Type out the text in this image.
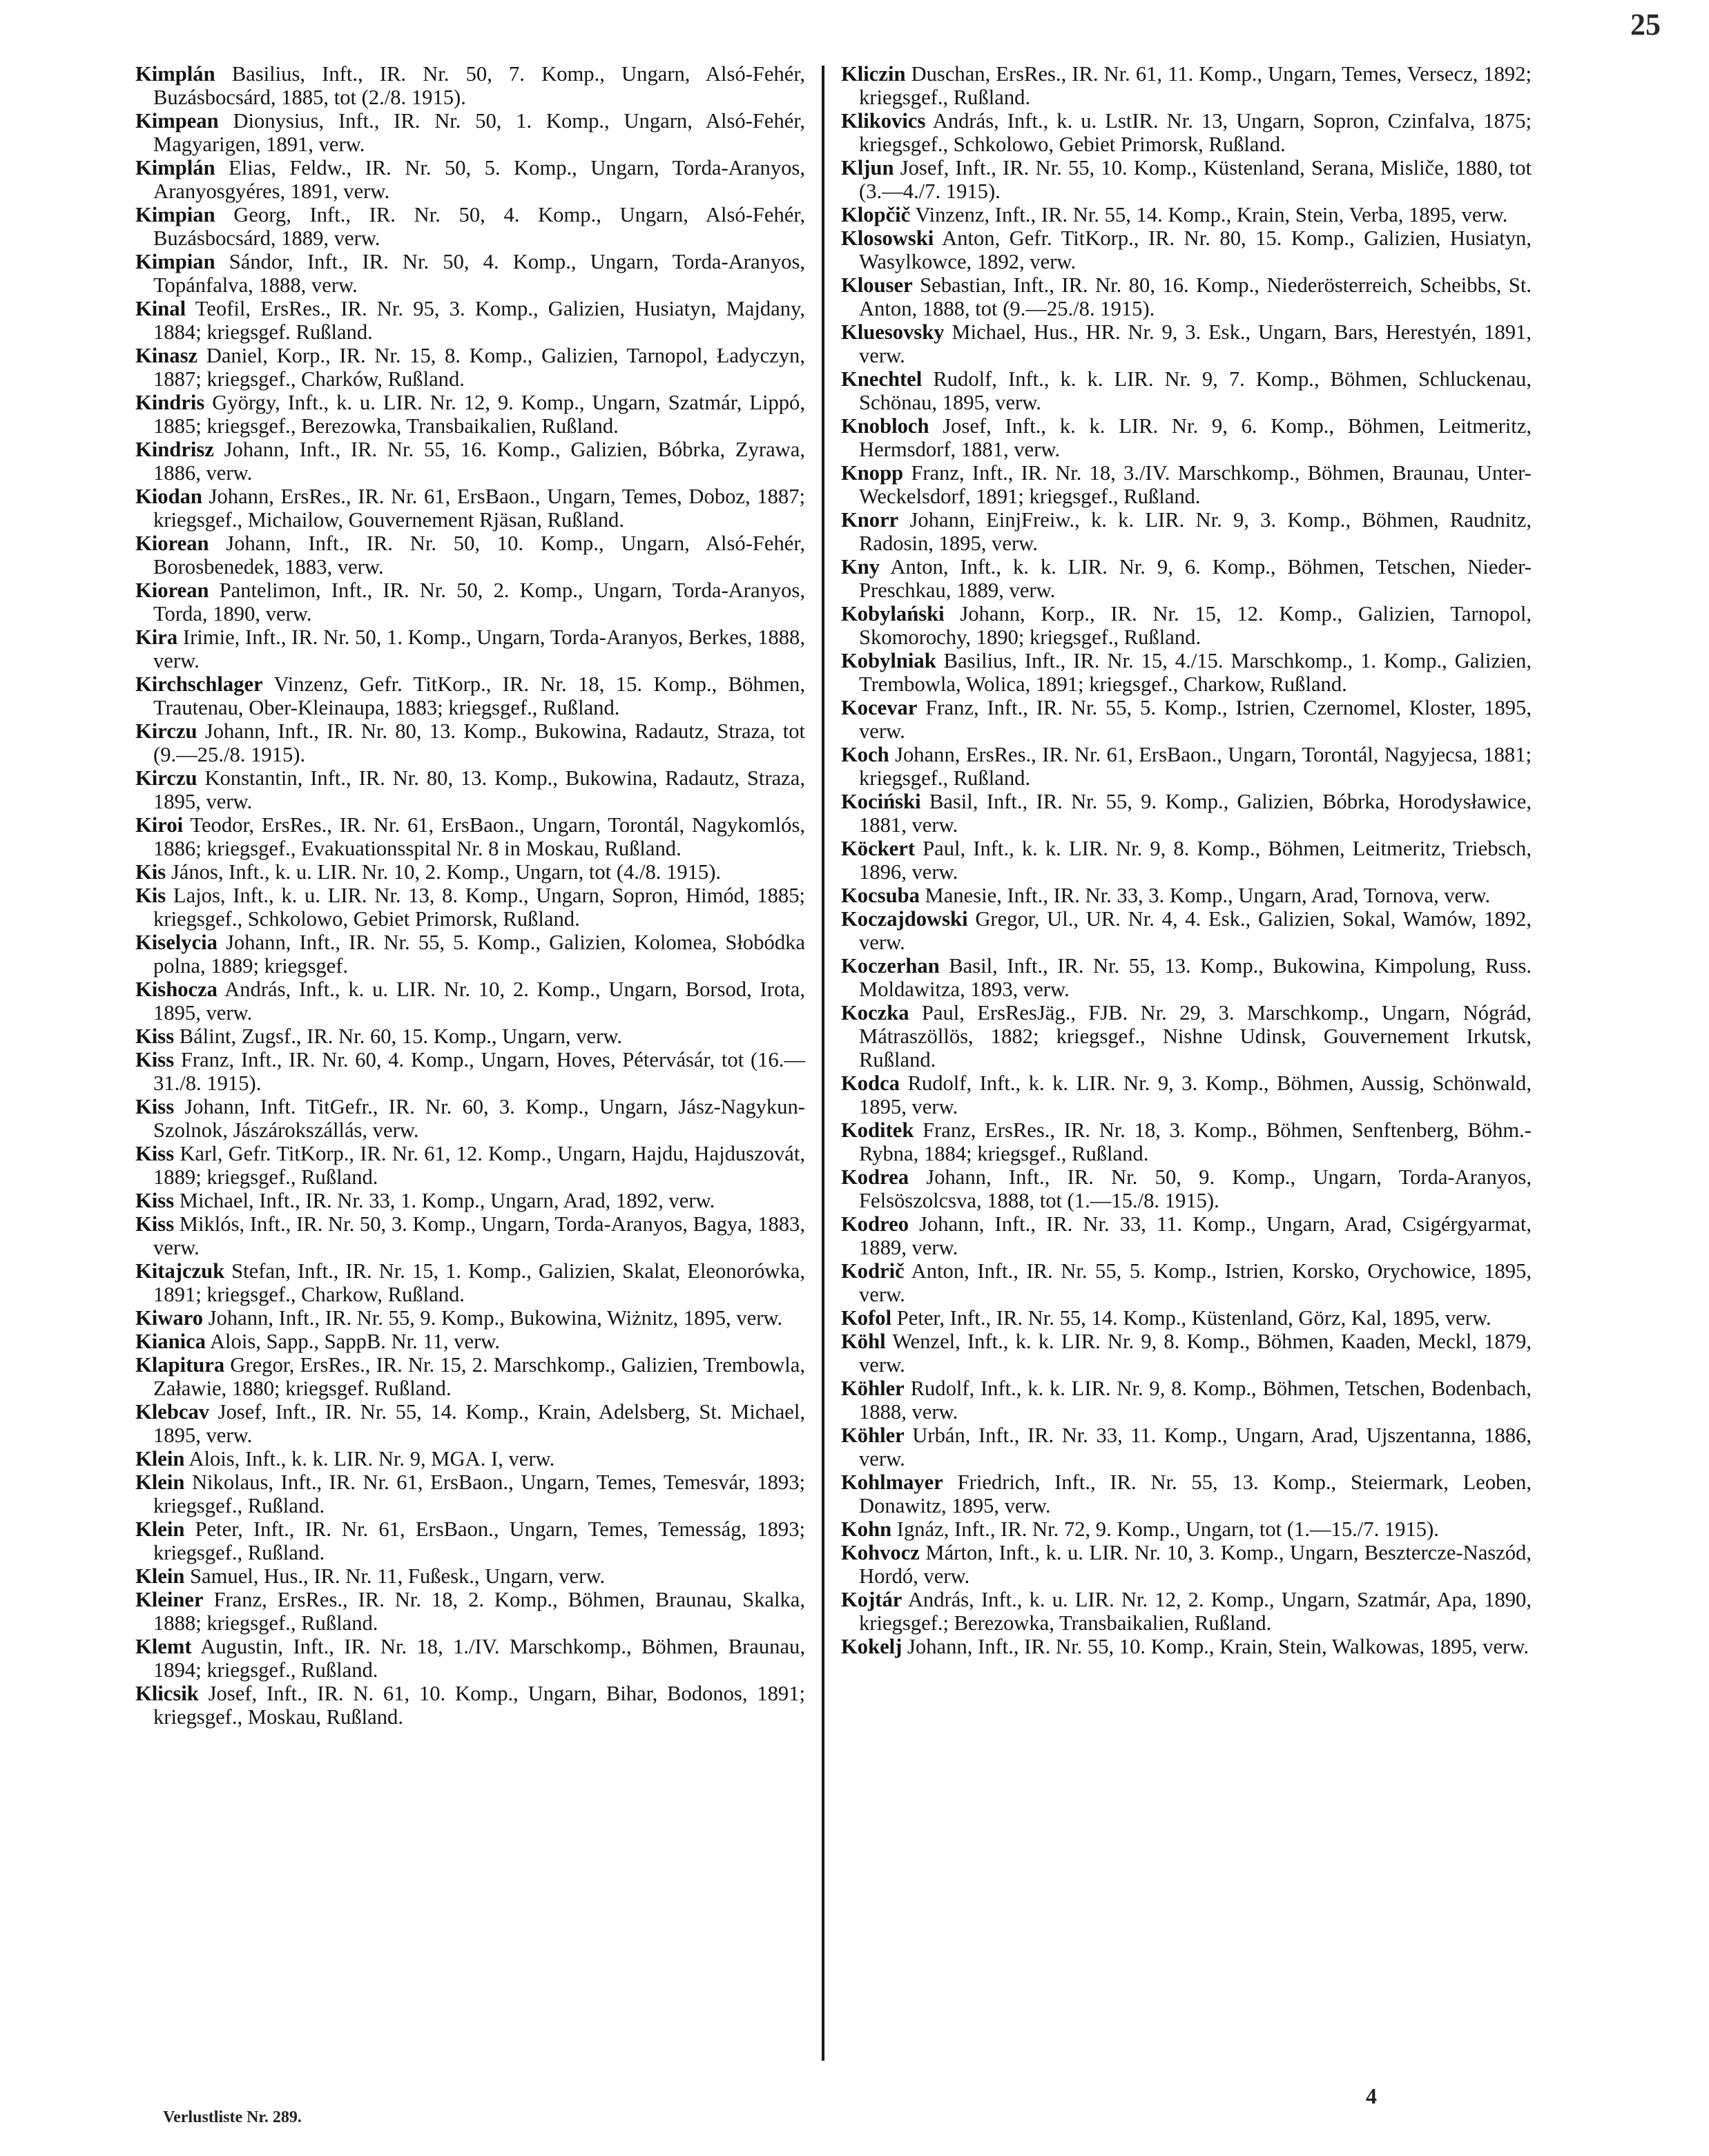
25

Kimplán Basilius, Inft., IR. Nr. 50, 7. Komp., Ungarn, Alsó-Fehér, Buzásbocsárd, 1885, tot (2./8. 1915).

Kimpean Dionysius, Inft., IR. Nr. 50, 1. Komp., Ungarn, Alsó-Fehér, Magyarigen, 1891, verw.

Kimplán Elias, Feldw., IR. Nr. 50, 5. Komp., Ungarn, Torda-Aranyos, Aranyosgyéres, 1891, verw.

Kimpian Georg, Inft., IR. Nr. 50, 4. Komp., Ungarn, Alsó-Fehér, Buzásbocsárd, 1889, verw.

Kimpian Sándor, Inft., IR. Nr. 50, 4. Komp., Ungarn, Torda-Aranyos, Topánfalva, 1888, verw.

Kinal Teofil, ErsRes., IR. Nr. 95, 3. Komp., Galizien, Husiatyn, Majdany, 1884; kriegsgef. Rußland.

Kinasz Daniel, Korp., IR. Nr. 15, 8. Komp., Galizien, Tarnopol, Ładyczyn, 1887; kriegsgef., Charków, Rußland.

Kindris György, Inft., k. u. LIR. Nr. 12, 9. Komp., Ungarn, Szatmár, Lippó, 1885; kriegsgef., Berezowka, Transbaikalien, Rußland.

Kindrisz Johann, Inft., IR. Nr. 55, 16. Komp., Galizien, Bóbrka, Zyrawa, 1886, verw.

Kiodan Johann, ErsRes., IR. Nr. 61, ErsBaon., Ungarn, Temes, Doboz, 1887; kriegsgef., Michailow, Gouvernement Rjäsan, Rußland.

Kiorean Johann, Inft., IR. Nr. 50, 10. Komp., Ungarn, Alsó-Fehér, Borosbenedek, 1883, verw.

Kiorean Pantelimon, Inft., IR. Nr. 50, 2. Komp., Ungarn, Torda-Aranyos, Torda, 1890, verw.

Kira Irimie, Inft., IR. Nr. 50, 1. Komp., Ungarn, Torda-Aranyos, Berkes, 1888, verw.

Kirchschlager Vinzenz, Gefr. TitKorp., IR. Nr. 18, 15. Komp., Böhmen, Trautenau, Ober-Kleinaupa, 1883; kriegsgef., Rußland.

Kirczu Johann, Inft., IR. Nr. 80, 13. Komp., Bukowina, Radautz, Straza, tot (9.—25./8. 1915).

Kirczu Konstantin, Inft., IR. Nr. 80, 13. Komp., Bukowina, Radautz, Straza, 1895, verw.

Kiroi Teodor, ErsRes., IR. Nr. 61, ErsBaon., Ungarn, Torontál, Nagykomlós, 1886; kriegsgef., Evakuationsspital Nr. 8 in Moskau, Rußland.

Kis János, Inft., k. u. LIR. Nr. 10, 2. Komp., Ungarn, tot (4./8. 1915).

Kis Lajos, Inft., k. u. LIR. Nr. 13, 8. Komp., Ungarn, Sopron, Himód, 1885; kriegsgef., Schkolowo, Gebiet Primorsk, Rußland.

Kiselycia Johann, Inft., IR. Nr. 55, 5. Komp., Galizien, Kolomea, Słobódka polna, 1889; kriegsgef.

Kishocza András, Inft., k. u. LIR. Nr. 10, 2. Komp., Ungarn, Borsod, Irota, 1895, verw.

Kiss Bálint, Zugsf., IR. Nr. 60, 15. Komp., Ungarn, verw.

Kiss Franz, Inft., IR. Nr. 60, 4. Komp., Ungarn, Hoves, Pétervásár, tot (16.—31./8. 1915).

Kiss Johann, Inft. TitGefr., IR. Nr. 60, 3. Komp., Ungarn, Jász-Nagykun-Szolnok, Jászárokszállás, verw.

Kiss Karl, Gefr. TitKorp., IR. Nr. 61, 12. Komp., Ungarn, Hajdu, Hajduszovát, 1889; kriegsgef., Rußland.

Kiss Michael, Inft., IR. Nr. 33, 1. Komp., Ungarn, Arad, 1892, verw.

Kiss Miklós, Inft., IR. Nr. 50, 3. Komp., Ungarn, Torda-Aranyos, Bagya, 1883, verw.

Kitajczuk Stefan, Inft., IR. Nr. 15, 1. Komp., Galizien, Skalat, Eleonorówka, 1891; kriegsgef., Charkow, Rußland.

Kiwaro Johann, Inft., IR. Nr. 55, 9. Komp., Bukowina, Wiżnitz, 1895, verw.

Kianica Alois, Sapp., SappB. Nr. 11, verw.

Klapitura Gregor, ErsRes., IR. Nr. 15, 2. Marschkomp., Galizien, Trembowla, Załawie, 1880; kriegsgef. Rußland.

Klebcav Josef, Inft., IR. Nr. 55, 14. Komp., Krain, Adelsberg, St. Michael, 1895, verw.

Klein Alois, Inft., k. k. LIR. Nr. 9, MGA. I, verw.

Klein Nikolaus, Inft., IR. Nr. 61, ErsBaon., Ungarn, Temes, Temesvár, 1893; kriegsgef., Rußland.

Klein Peter, Inft., IR. Nr. 61, ErsBaon., Ungarn, Temes, Temesság, 1893; kriegsgef., Rußland.

Klein Samuel, Hus., IR. Nr. 11, Fußesk., Ungarn, verw.

Kleiner Franz, ErsRes., IR. Nr. 18, 2. Komp., Böhmen, Braunau, Skalka, 1888; kriegsgef., Rußland.

Klemt Augustin, Inft., IR. Nr. 18, 1./IV. Marschkomp., Böhmen, Braunau, 1894; kriegsgef., Rußland.

Klicsik Josef, Inft., IR. N. 61, 10. Komp., Ungarn, Bihar, Bodonos, 1891; kriegsgef., Moskau, Rußland.

Kliczin Duschan, ErsRes., IR. Nr. 61, 11. Komp., Ungarn, Temes, Versecz, 1892; kriegsgef., Rußland.

Klikovics András, Inft., k. u. LstIR. Nr. 13, Ungarn, Sopron, Czinfalva, 1875; kriegsgef., Schkolowo, Gebiet Primorsk, Rußland.

Kljun Josef, Inft., IR. Nr. 55, 10. Komp., Küstenland, Serana, Misliče, 1880, tot (3.—4./7. 1915).

Klopčič Vinzenz, Inft., IR. Nr. 55, 14. Komp., Krain, Stein, Verba, 1895, verw.

Klosowski Anton, Gefr. TitKorp., IR. Nr. 80, 15. Komp., Galizien, Husiatyn, Wasylkowce, 1892, verw.

Klouser Sebastian, Inft., IR. Nr. 80, 16. Komp., Niederösterreich, Scheibbs, St. Anton, 1888, tot (9.—25./8. 1915).

Kluesovsky Michael, Hus., HR. Nr. 9, 3. Esk., Ungarn, Bars, Herestyén, 1891, verw.

Knechtel Rudolf, Inft., k. k. LIR. Nr. 9, 7. Komp., Böhmen, Schluckenau, Schönau, 1895, verw.

Knobloch Josef, Inft., k. k. LIR. Nr. 9, 6. Komp., Böhmen, Leitmeritz, Hermsdorf, 1881, verw.

Knopp Franz, Inft., IR. Nr. 18, 3./IV. Marschkomp., Böhmen, Braunau, Unter-Weckelsdorf, 1891; kriegsgef., Rußland.

Knorr Johann, EinjFreiw., k. k. LIR. Nr. 9, 3. Komp., Böhmen, Raudnitz, Radosin, 1895, verw.

Kny Anton, Inft., k. k. LIR. Nr. 9, 6. Komp., Böhmen, Tetschen, Nieder-Preschkau, 1889, verw.

Kobylański Johann, Korp., IR. Nr. 15, 12. Komp., Galizien, Tarnopol, Skomorochy, 1890; kriegsgef., Rußland.

Kobylniak Basilius, Inft., IR. Nr. 15, 4./15. Marschkomp., 1. Komp., Galizien, Trembowla, Wolica, 1891; kriegsgef., Charkow, Rußland.

Kocevar Franz, Inft., IR. Nr. 55, 5. Komp., Istrien, Czernomel, Kloster, 1895, verw.

Koch Johann, ErsRes., IR. Nr. 61, ErsBaon., Ungarn, Torontál, Nagyjecsa, 1881; kriegsgef., Rußland.

Kociński Basil, Inft., IR. Nr. 55, 9. Komp., Galizien, Bóbrka, Horodysławice, 1881, verw.

Köckert Paul, Inft., k. k. LIR. Nr. 9, 8. Komp., Böhmen, Leitmeritz, Triebsch, 1896, verw.

Kocsuba Manesie, Inft., IR. Nr. 33, 3. Komp., Ungarn, Arad, Tornova, verw.

Koczajdowski Gregor, Ul., UR. Nr. 4, 4. Esk., Galizien, Sokal, Wamów, 1892, verw.

Koczerhan Basil, Inft., IR. Nr. 55, 13. Komp., Bukowina, Kimpolung, Russ. Moldawitza, 1893, verw.

Koczka Paul, ErsResJäg., FJB. Nr. 29, 3. Marschkomp., Ungarn, Nógrád, Mátraszöllös, 1882; kriegsgef., Nishne Udinsk, Gouvernement Irkutsk, Rußland.

Kodca Rudolf, Inft., k. k. LIR. Nr. 9, 3. Komp., Böhmen, Aussig, Schönwald, 1895, verw.

Koditek Franz, ErsRes., IR. Nr. 18, 3. Komp., Böhmen, Senftenberg, Böhm.-Rybna, 1884; kriegsgef., Rußland.

Kodrea Johann, Inft., IR. Nr. 50, 9. Komp., Ungarn, Torda-Aranyos, Felsöszolcsva, 1888, tot (1.—15./8. 1915).

Kodreo Johann, Inft., IR. Nr. 33, 11. Komp., Ungarn, Arad, Csigérgyarmat, 1889, verw.

Kodrič Anton, Inft., IR. Nr. 55, 5. Komp., Istrien, Korsko, Orychowice, 1895, verw.

Kofol Peter, Inft., IR. Nr. 55, 14. Komp., Küstenland, Görz, Kal, 1895, verw.

Köhl Wenzel, Inft., k. k. LIR. Nr. 9, 8. Komp., Böhmen, Kaaden, Meckl, 1879, verw.

Köhler Rudolf, Inft., k. k. LIR. Nr. 9, 8. Komp., Böhmen, Tetschen, Bodenbach, 1888, verw.

Köhler Urbán, Inft., IR. Nr. 33, 11. Komp., Ungarn, Arad, Ujszentanna, 1886, verw.

Kohlmayer Friedrich, Inft., IR. Nr. 55, 13. Komp., Steiermark, Leoben, Donawitz, 1895, verw.

Kohn Ignáz, Inft., IR. Nr. 72, 9. Komp., Ungarn, tot (1.—15./7. 1915).

Kohvocz Márton, Inft., k. u. LIR. Nr. 10, 3. Komp., Ungarn, Besztercze-Naszód, Hordó, verw.

Kojtár András, Inft., k. u. LIR. Nr. 12, 2. Komp., Ungarn, Szatmár, Apa, 1890, kriegsgef.; Berezowka, Transbaikalien, Rußland.

Kokelj Johann, Inft., IR. Nr. 55, 10. Komp., Krain, Stein, Walkowas, 1895, verw.

Verlustliste Nr. 289.
4
